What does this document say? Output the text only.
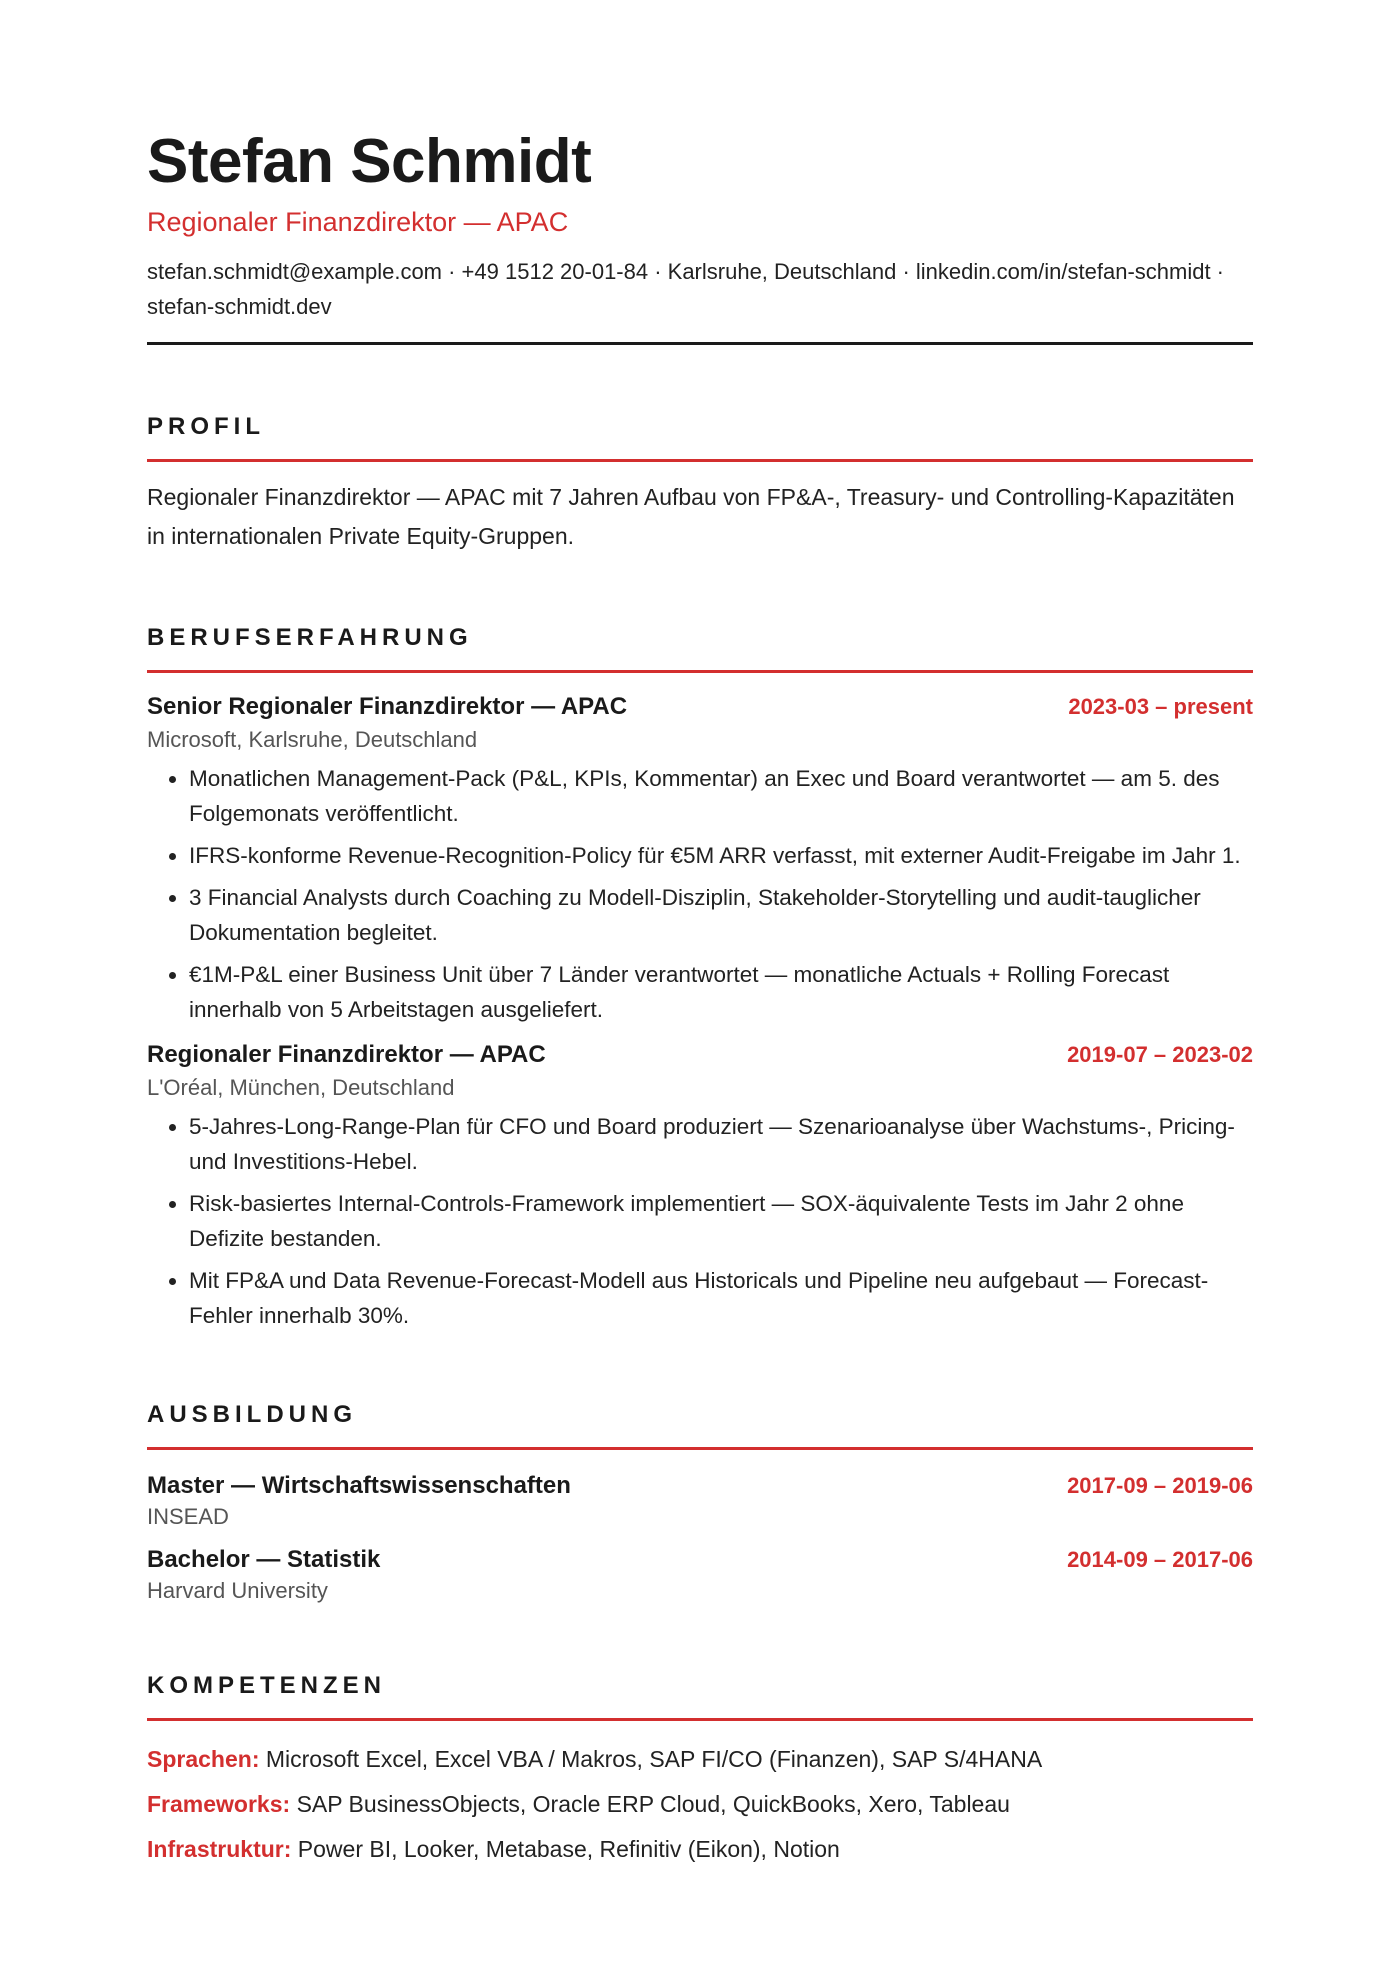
Stefan Schmidt
Regionaler Finanzdirektor — APAC
stefan.schmidt@example.com · +49 1512 20-01-84 · Karlsruhe, Deutschland · linkedin.com/in/stefan-schmidt · stefan-schmidt.dev
PROFIL
Regionaler Finanzdirektor — APAC mit 7 Jahren Aufbau von FP&A-, Treasury- und Controlling-Kapazitäten in internationalen Private Equity-Gruppen.
BERUFSERFAHRUNG
Senior Regionaler Finanzdirektor — APAC	2023-03 – present
Microsoft, Karlsruhe, Deutschland
• Monatlichen Management-Pack (P&L, KPIs, Kommentar) an Exec und Board verantwortet — am 5. des Folgemonats veröffentlicht.
• IFRS-konforme Revenue-Recognition-Policy für €5M ARR verfasst, mit externer Audit-Freigabe im Jahr 1.
• 3 Financial Analysts durch Coaching zu Modell-Disziplin, Stakeholder-Storytelling und audit-tauglicher Dokumentation begleitet.
• €1M-P&L einer Business Unit über 7 Länder verantwortet — monatliche Actuals + Rolling Forecast innerhalb von 5 Arbeitstagen ausgeliefert.
Regionaler Finanzdirektor — APAC	2019-07 – 2023-02
L'Oréal, München, Deutschland
• 5-Jahres-Long-Range-Plan für CFO und Board produziert — Szenarioanalyse über Wachstums-, Pricing- und Investitions-Hebel.
• Risk-basiertes Internal-Controls-Framework implementiert — SOX-äquivalente Tests im Jahr 2 ohne Defizite bestanden.
• Mit FP&A und Data Revenue-Forecast-Modell aus Historicals und Pipeline neu aufgebaut — Forecast-Fehler innerhalb 30%.
AUSBILDUNG
Master — Wirtschaftswissenschaften	2017-09 – 2019-06
INSEAD
Bachelor — Statistik	2014-09 – 2017-06
Harvard University
KOMPETENZEN
Sprachen: Microsoft Excel, Excel VBA / Makros, SAP FI/CO (Finanzen), SAP S/4HANA
Frameworks: SAP BusinessObjects, Oracle ERP Cloud, QuickBooks, Xero, Tableau
Infrastruktur: Power BI, Looker, Metabase, Refinitiv (Eikon), Notion
